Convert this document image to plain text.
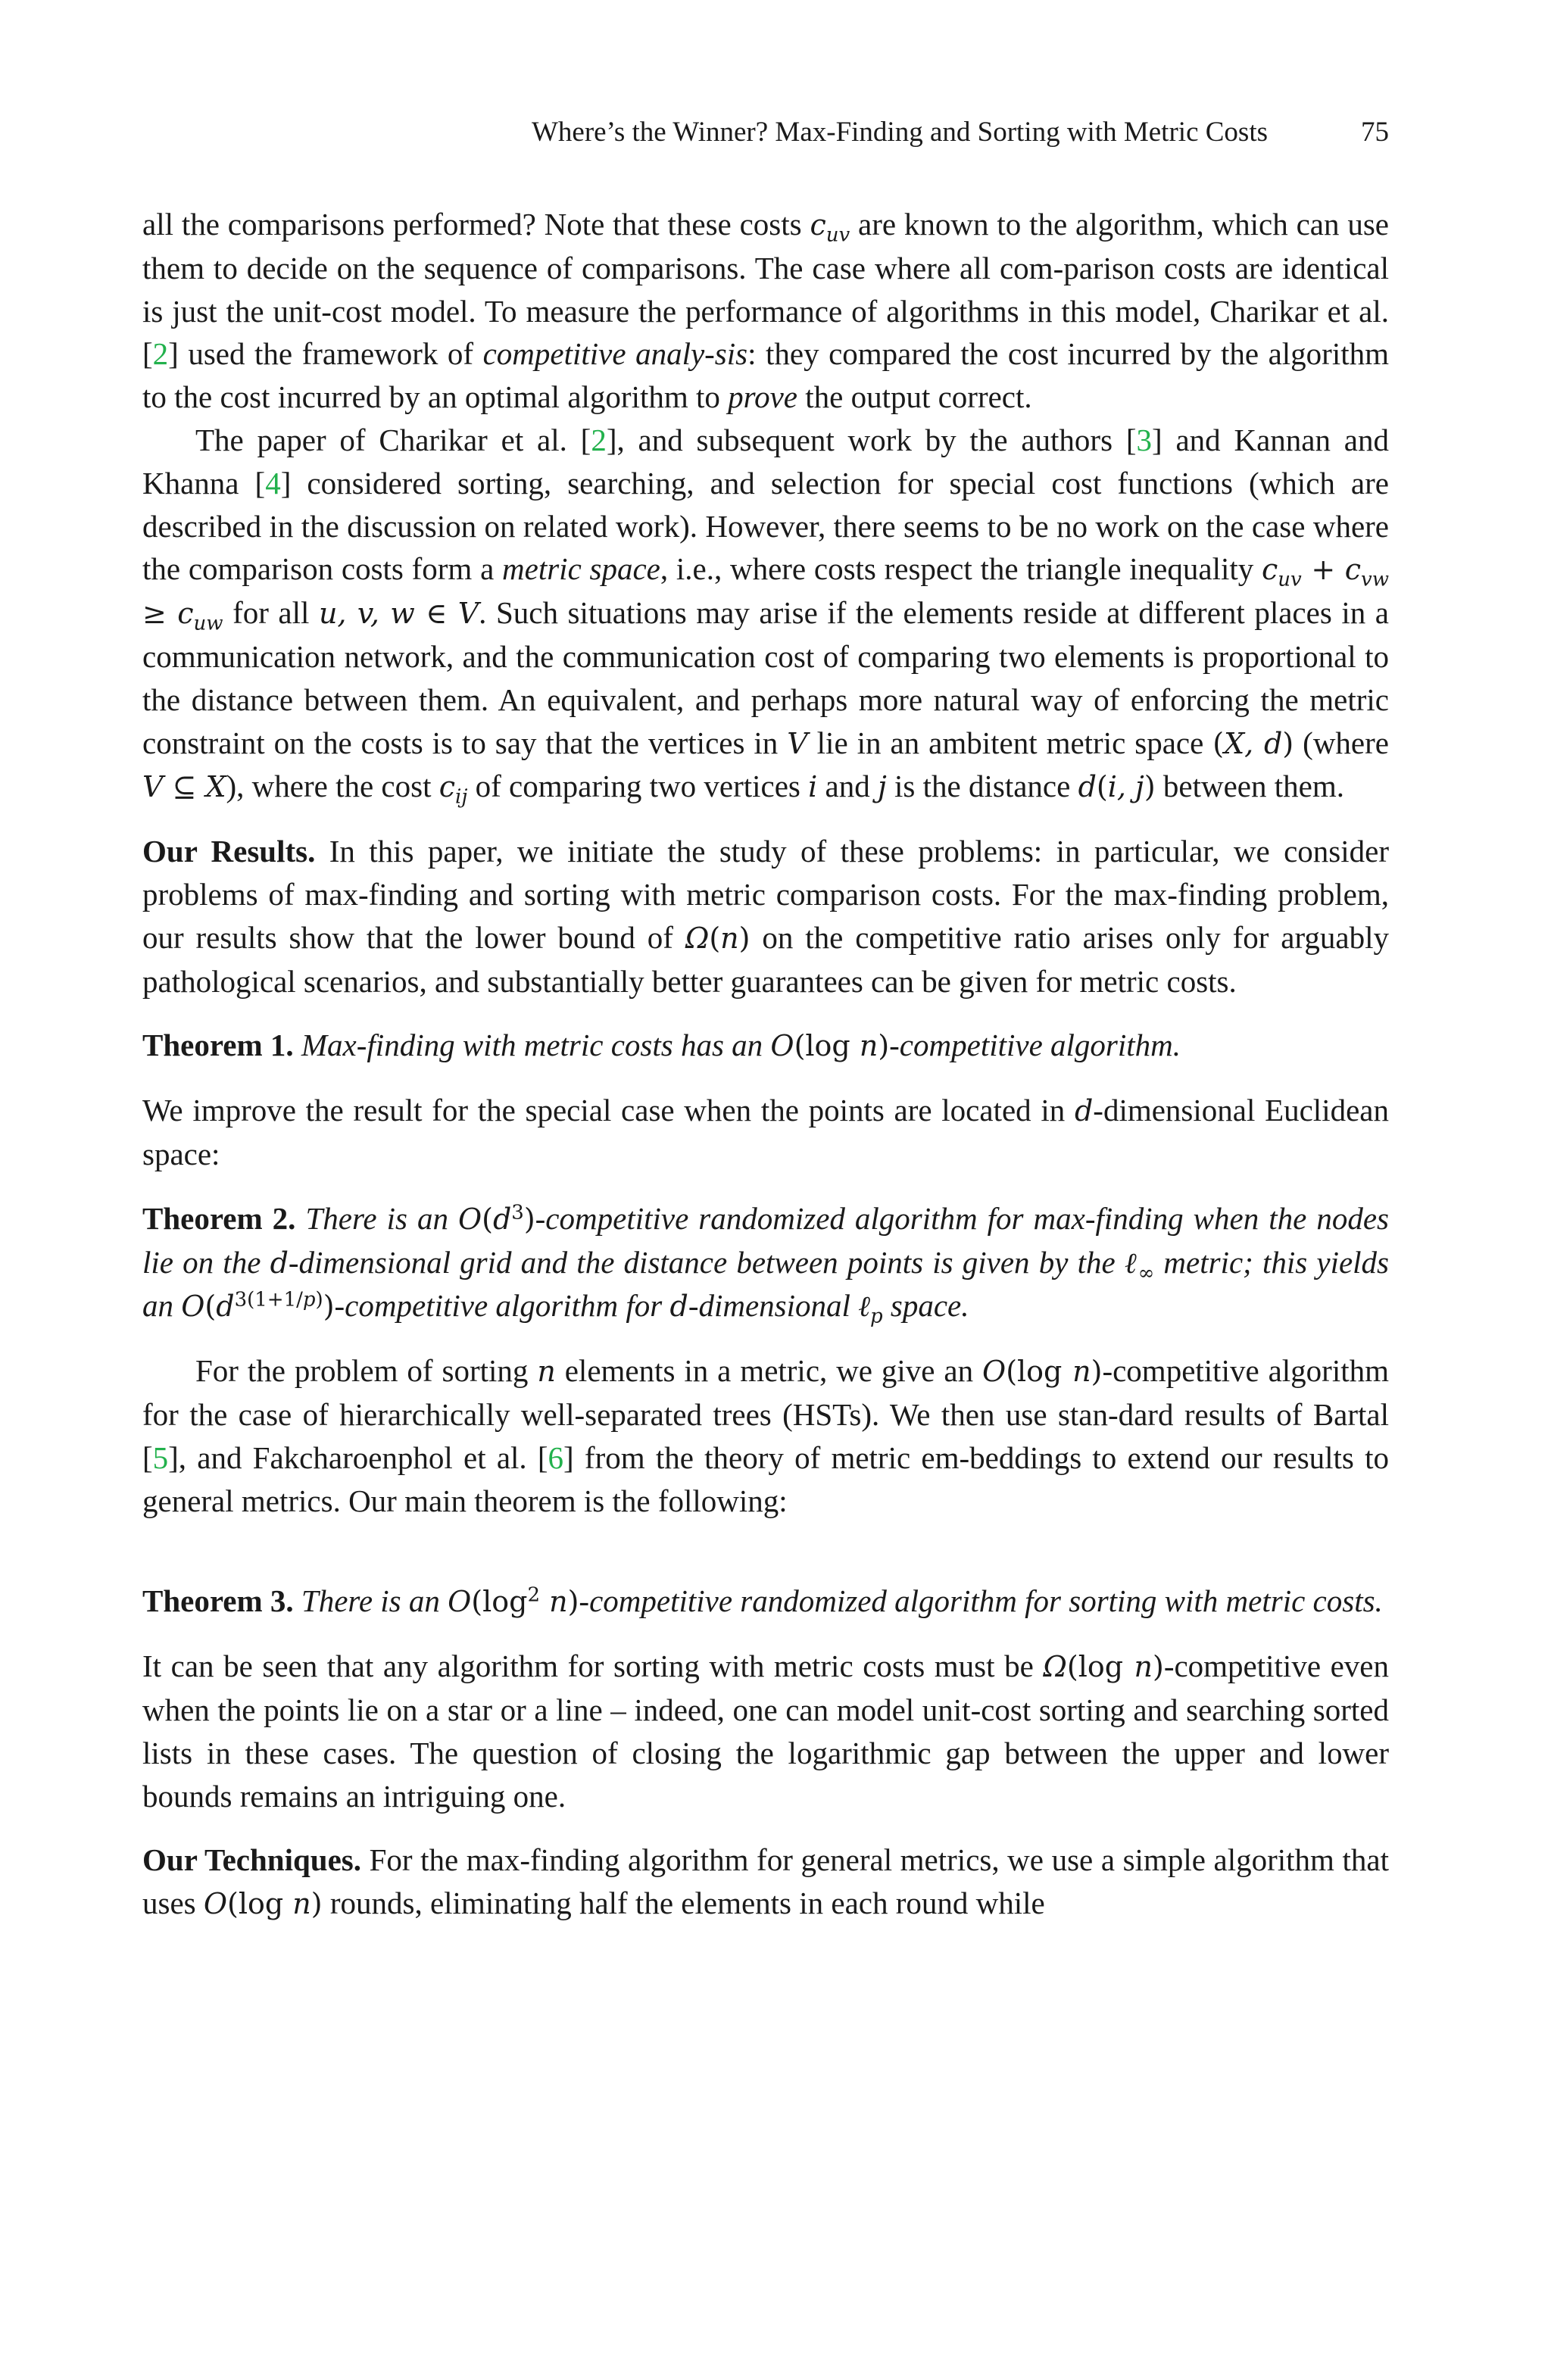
Where’s the Winner? Max-Finding and Sorting with Metric Costs	75

all the comparisons performed? Note that these costs $c_{uv}$ are known to the algorithm, which can use them to decide on the sequence of comparisons. The case where all com-parison costs are identical is just the unit-cost model. To measure the performance of algorithms in this model, Charikar et al. [2] used the framework of competitive analy-sis: they compared the cost incurred by the algorithm to the cost incurred by an optimal algorithm to prove the output correct.

The paper of Charikar et al. [2], and subsequent work by the authors [3] and Kannan and Khanna [4] considered sorting, searching, and selection for special cost functions (which are described in the discussion on related work). However, there seems to be no work on the case where the comparison costs form a metric space, i.e., where costs respect the triangle inequality $c_{uv} + c_{vw} \ge c_{uw}$ for all u, v, w ∈ V. Such situations may arise if the elements reside at different places in a communication network, and the communication cost of comparing two elements is proportional to the distance between them. An equivalent, and perhaps more natural way of enforcing the metric constraint on the costs is to say that the vertices in V lie in an ambitent metric space (X, d) (where V ⊆ X), where the cost $c_{ij}$ of comparing two vertices i and j is the distance d(i, j) between them.

Our Results. In this paper, we initiate the study of these problems: in particular, we consider problems of max-finding and sorting with metric comparison costs. For the max-finding problem, our results show that the lower bound of Ω(n) on the competitive ratio arises only for arguably pathological scenarios, and substantially better guarantees can be given for metric costs.

Theorem 1. Max-finding with metric costs has an O(log n)-competitive algorithm.

We improve the result for the special case when the points are located in d-dimensional Euclidean space:

Theorem 2. There is an $O(d^3)$-competitive randomized algorithm for max-finding when the nodes lie on the d-dimensional grid and the distance between points is given by the ℓ$_\infty$ metric; this yields an $O(d^{3(1+1/p)})$-competitive algorithm for d-dimensional ℓ$_p$ space.

For the problem of sorting n elements in a metric, we give an O(log n)-competitive algorithm for the case of hierarchically well-separated trees (HSTs). We then use stan-dard results of Bartal [5], and Fakcharoenphol et al. [6] from the theory of metric em-beddings to extend our results to general metrics. Our main theorem is the following:

Theorem 3. There is an $O(\log^2$ n)-competitive randomized algorithm for sorting with metric costs.

It can be seen that any algorithm for sorting with metric costs must be Ω(log n)-competitive even when the points lie on a star or a line – indeed, one can model unit-cost sorting and searching sorted lists in these cases. The question of closing the logarithmic gap between the upper and lower bounds remains an intriguing one.

Our Techniques. For the max-finding algorithm for general metrics, we use a simple algorithm that uses O(log n) rounds, eliminating half the elements in each round while
